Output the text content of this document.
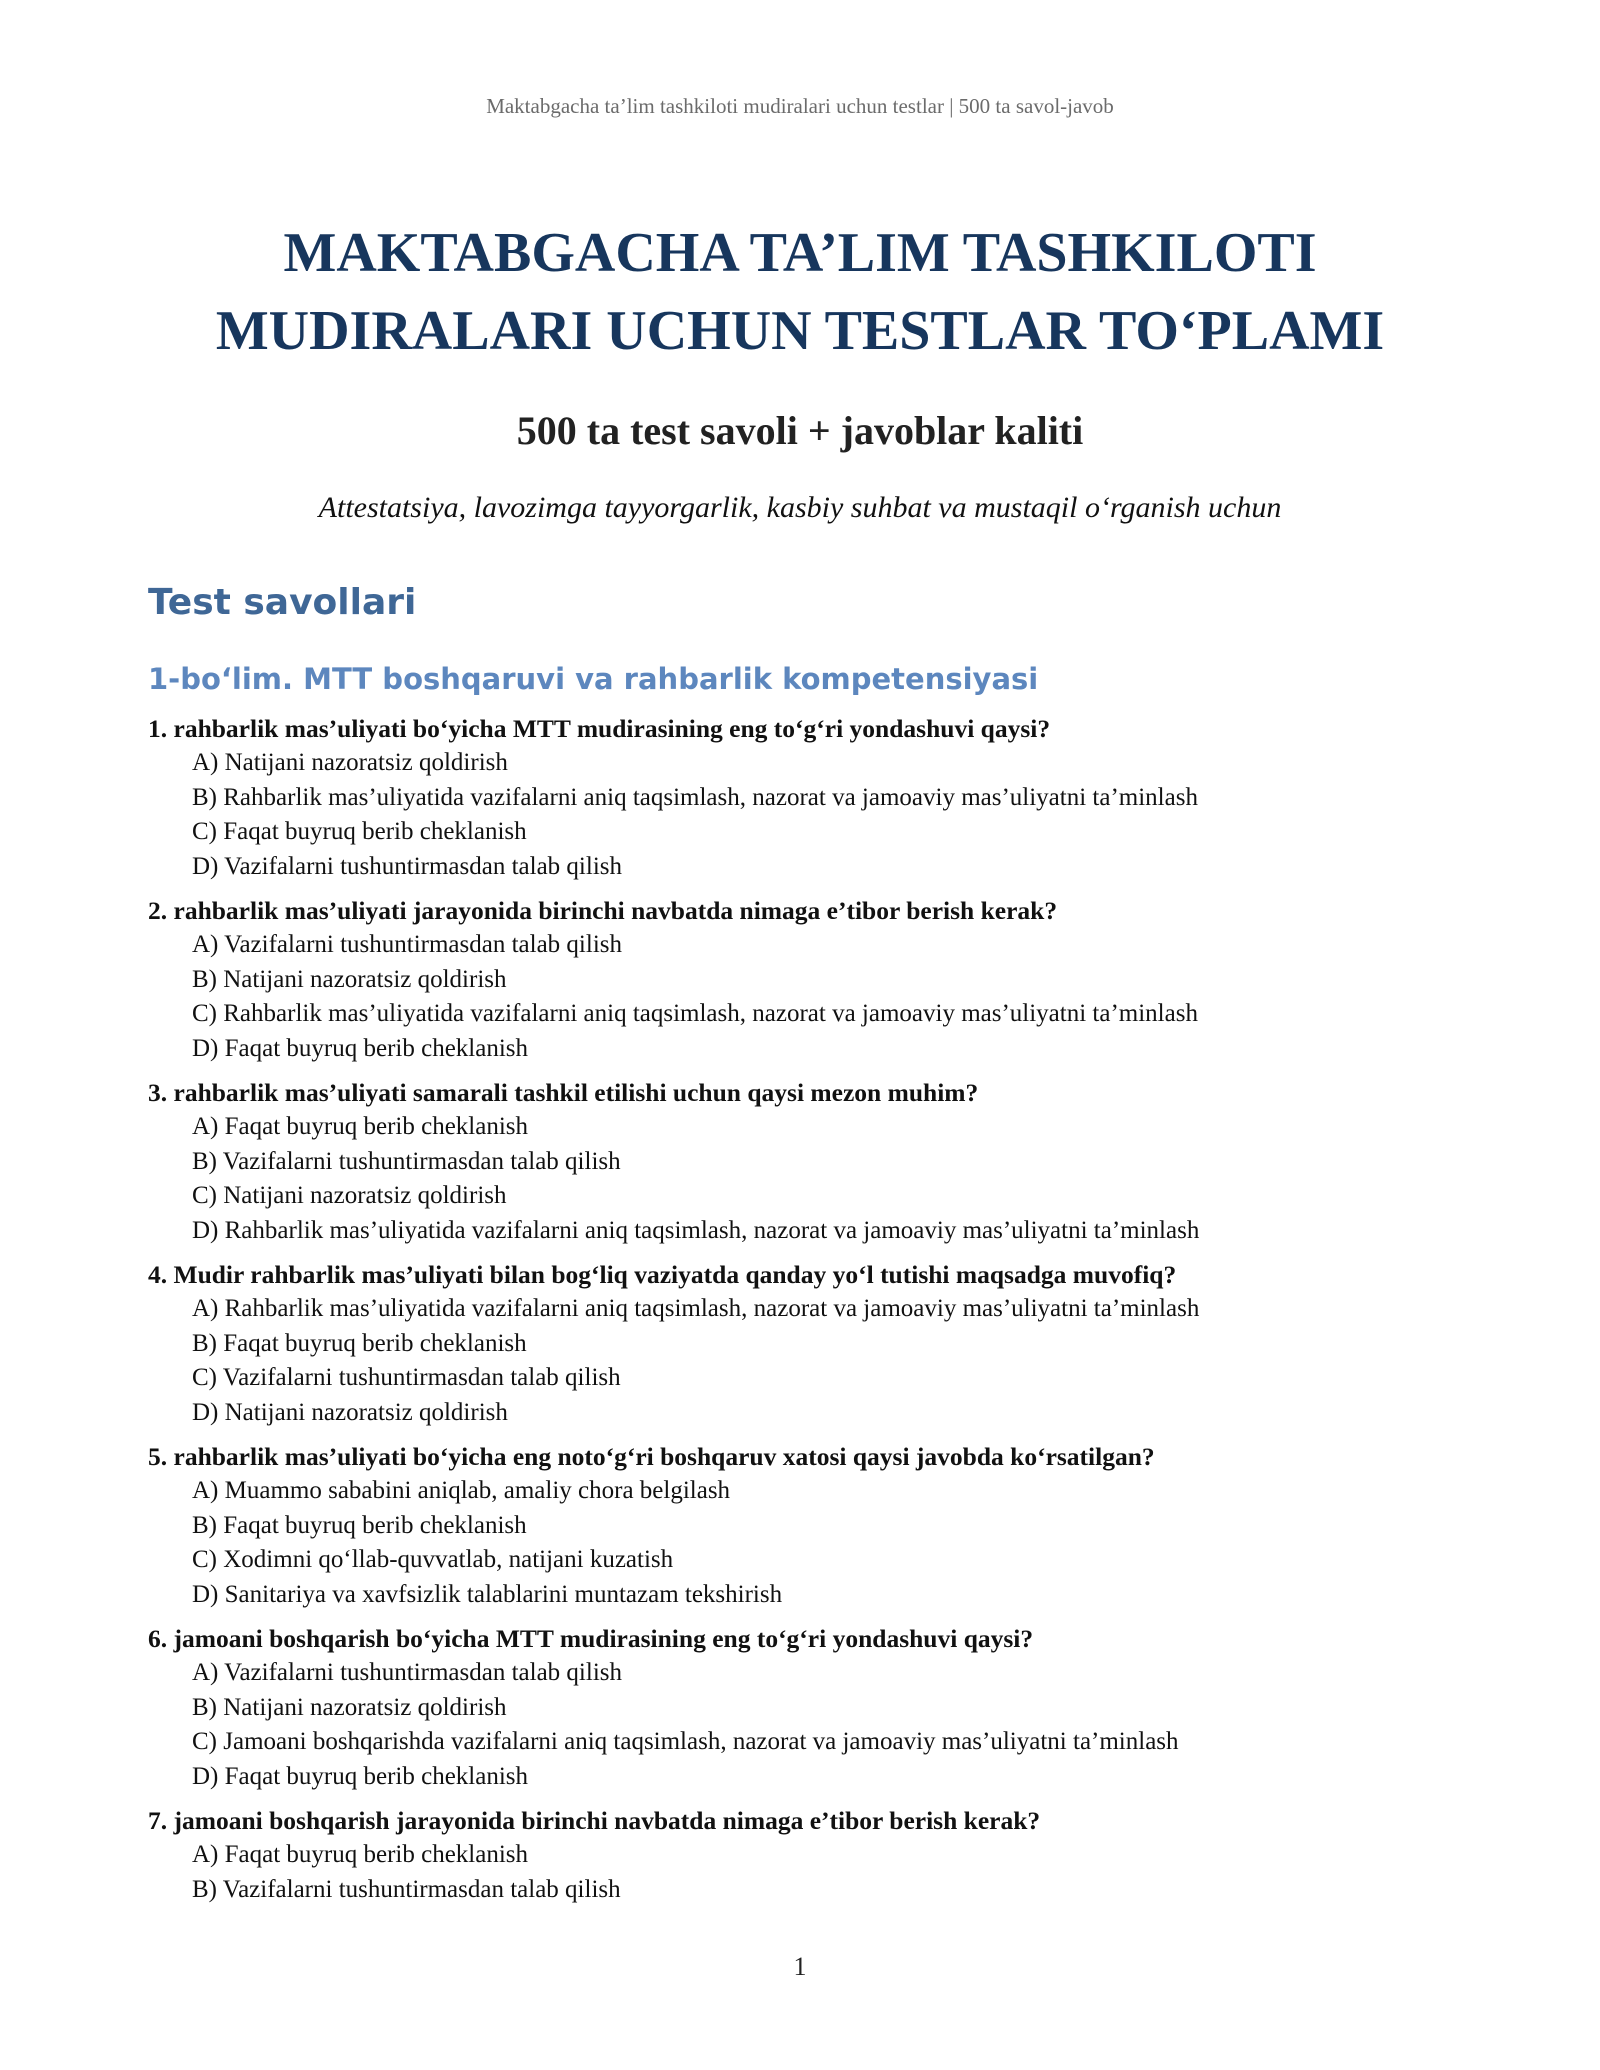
Maktabgacha ta’lim tashkiloti mudiralari uchun testlar | 500 ta savol-javob
MAKTABGACHA TA’LIM TASHKILOTI
MUDIRALARI UCHUN TESTLAR TO‘PLAMI
500 ta test savoli + javoblar kaliti
Attestatsiya, lavozimga tayyorgarlik, kasbiy suhbat va mustaqil o‘rganish uchun
Test savollari
1-bo‘lim. MTT boshqaruvi va rahbarlik kompetensiyasi
1. rahbarlik mas’uliyati bo‘yicha MTT mudirasining eng to‘g‘ri yondashuvi qaysi?
A) Natijani nazoratsiz qoldirish
B) Rahbarlik mas’uliyatida vazifalarni aniq taqsimlash, nazorat va jamoaviy mas’uliyatni ta’minlash
C) Faqat buyruq berib cheklanish
D) Vazifalarni tushuntirmasdan talab qilish
2. rahbarlik mas’uliyati jarayonida birinchi navbatda nimaga e’tibor berish kerak?
A) Vazifalarni tushuntirmasdan talab qilish
B) Natijani nazoratsiz qoldirish
C) Rahbarlik mas’uliyatida vazifalarni aniq taqsimlash, nazorat va jamoaviy mas’uliyatni ta’minlash
D) Faqat buyruq berib cheklanish
3. rahbarlik mas’uliyati samarali tashkil etilishi uchun qaysi mezon muhim?
A) Faqat buyruq berib cheklanish
B) Vazifalarni tushuntirmasdan talab qilish
C) Natijani nazoratsiz qoldirish
D) Rahbarlik mas’uliyatida vazifalarni aniq taqsimlash, nazorat va jamoaviy mas’uliyatni ta’minlash
4. Mudir rahbarlik mas’uliyati bilan bog‘liq vaziyatda qanday yo‘l tutishi maqsadga muvofiq?
A) Rahbarlik mas’uliyatida vazifalarni aniq taqsimlash, nazorat va jamoaviy mas’uliyatni ta’minlash
B) Faqat buyruq berib cheklanish
C) Vazifalarni tushuntirmasdan talab qilish
D) Natijani nazoratsiz qoldirish
5. rahbarlik mas’uliyati bo‘yicha eng noto‘g‘ri boshqaruv xatosi qaysi javobda ko‘rsatilgan?
A) Muammo sababini aniqlab, amaliy chora belgilash
B) Faqat buyruq berib cheklanish
C) Xodimni qo‘llab-quvvatlab, natijani kuzatish
D) Sanitariya va xavfsizlik talablarini muntazam tekshirish
6. jamoani boshqarish bo‘yicha MTT mudirasining eng to‘g‘ri yondashuvi qaysi?
A) Vazifalarni tushuntirmasdan talab qilish
B) Natijani nazoratsiz qoldirish
C) Jamoani boshqarishda vazifalarni aniq taqsimlash, nazorat va jamoaviy mas’uliyatni ta’minlash
D) Faqat buyruq berib cheklanish
7. jamoani boshqarish jarayonida birinchi navbatda nimaga e’tibor berish kerak?
A) Faqat buyruq berib cheklanish
B) Vazifalarni tushuntirmasdan talab qilish
1
